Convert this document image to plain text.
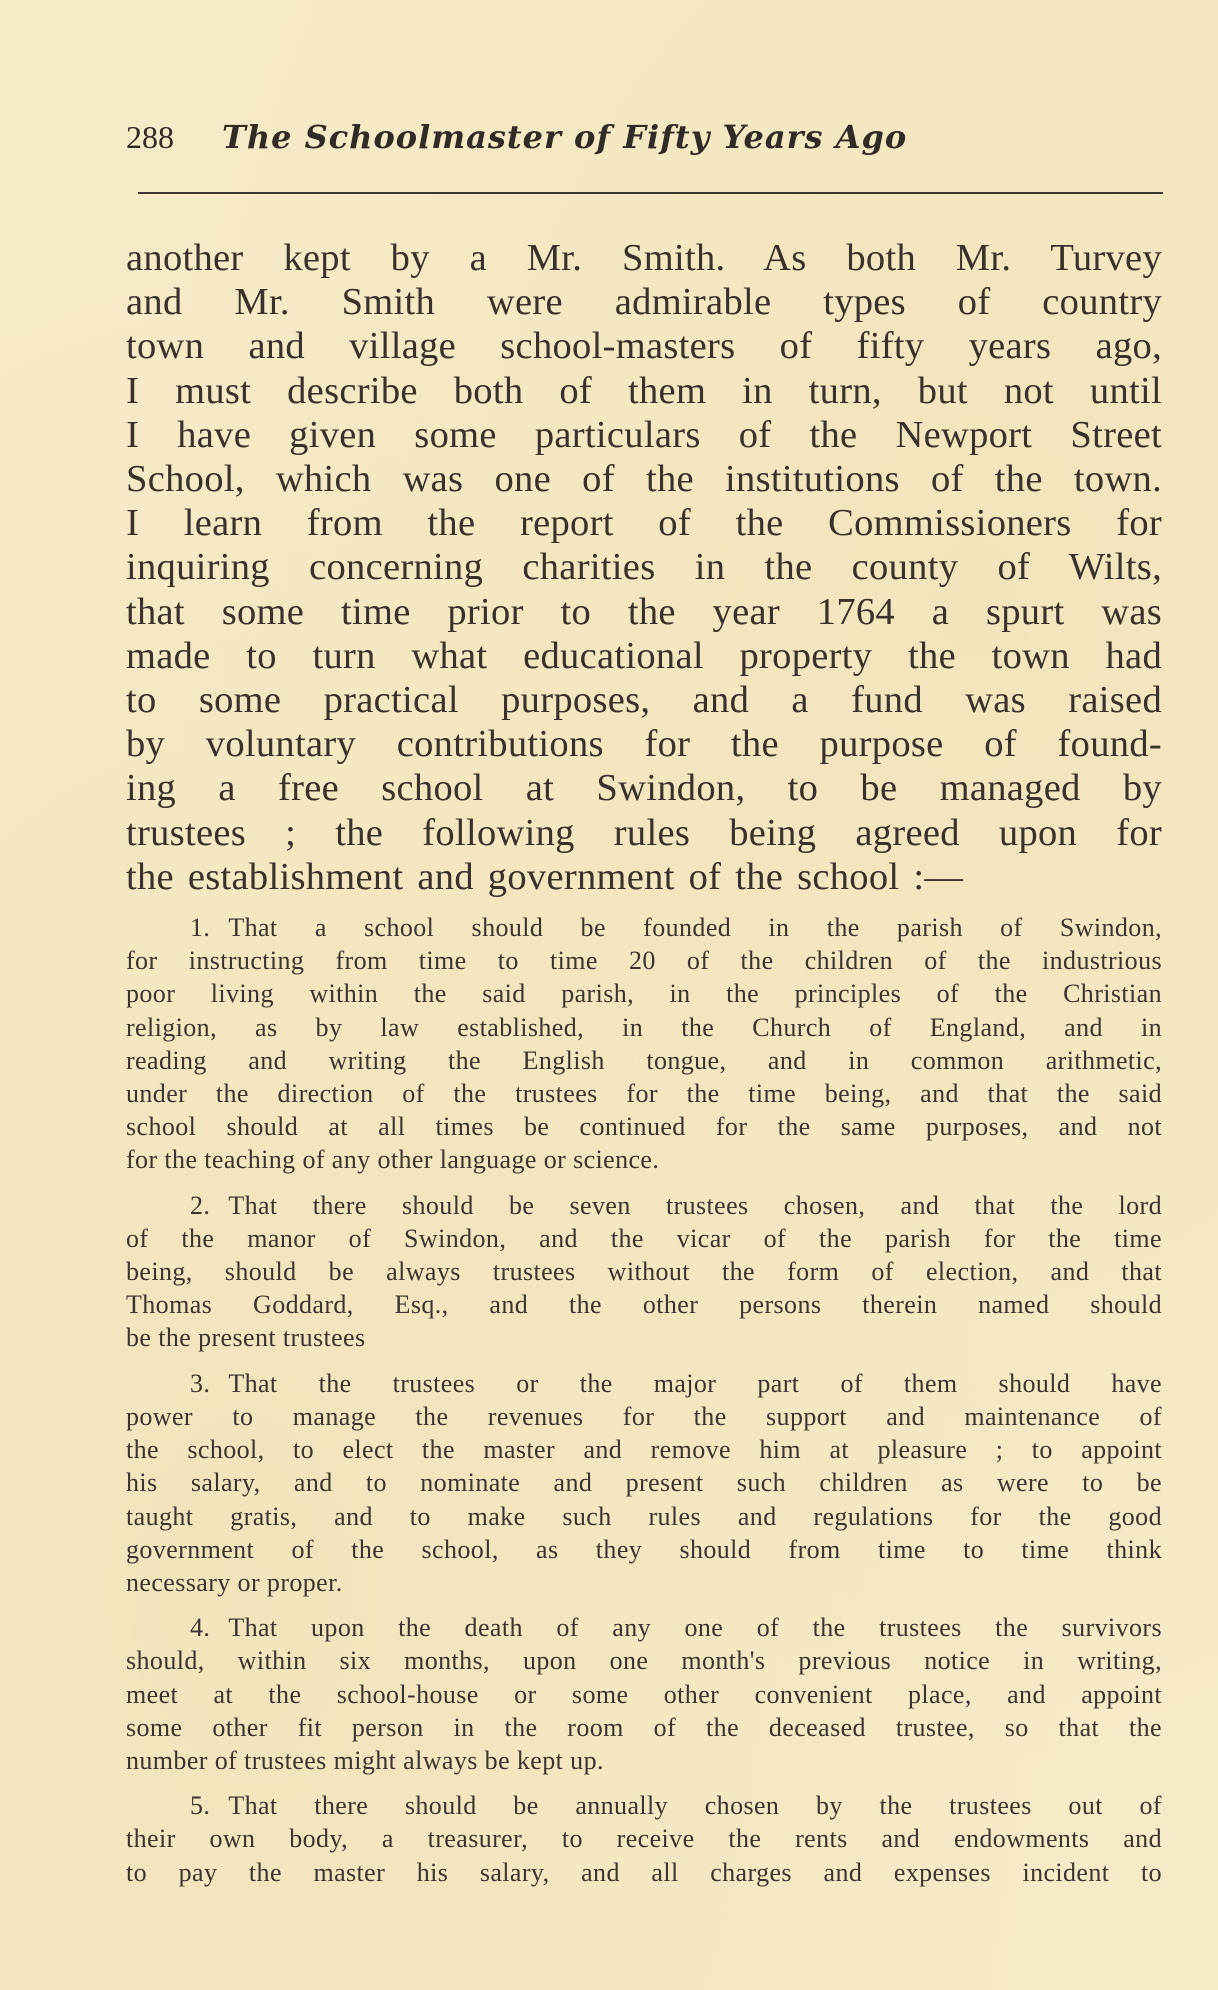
288	The Schoolmaster of Fifty Years Ago

another kept by a Mr. Smith. As both Mr. Turvey

and Mr. Smith were admirable types of country

town and village school-masters of fifty years ago,

I must describe both of them in turn, but not until

I have given some particulars of the Newport Street

School, which was one of the institutions of the town.

I learn from the report of the Commissioners for

inquiring concerning charities in the county of Wilts,

that some time prior to the year 1764 a spurt was

made to turn what educational property the town had

to some practical purposes, and a fund was raised

by voluntary contributions for the purpose of found-

ing a free school at Swindon, to be managed by

trustees ; the following rules being agreed upon for

the establishment and government of the school :—

1. That a school should be founded in the parish of Swindon,

for instructing from time to time 20 of the children of the industrious

poor living within the said parish, in the principles of the Christian

religion, as by law established, in the Church of England, and in

reading and writing the English tongue, and in common arithmetic,

under the direction of the trustees for the time being, and that the said

school should at all times be continued for the same purposes, and not

for the teaching of any other language or science.

2. That there should be seven trustees chosen, and that the lord

of the manor of Swindon, and the vicar of the parish for the time

being, should be always trustees without the form of election, and that

Thomas Goddard, Esq., and the other persons therein named should

be the present trustees

3. That the trustees or the major part of them should have

power to manage the revenues for the support and maintenance of

the school, to elect the master and remove him at pleasure ; to appoint

his salary, and to nominate and present such children as were to be

taught gratis, and to make such rules and regulations for the good

government of the school, as they should from time to time think

necessary or proper.

4. That upon the death of any one of the trustees the survivors

should, within six months, upon one month's previous notice in writing,

meet at the school-house or some other convenient place, and appoint

some other fit person in the room of the deceased trustee, so that the

number of trustees might always be kept up.

5. That there should be annually chosen by the trustees out of

their own body, a treasurer, to receive the rents and endowments and

to pay the master his salary, and all charges and expenses incident to
